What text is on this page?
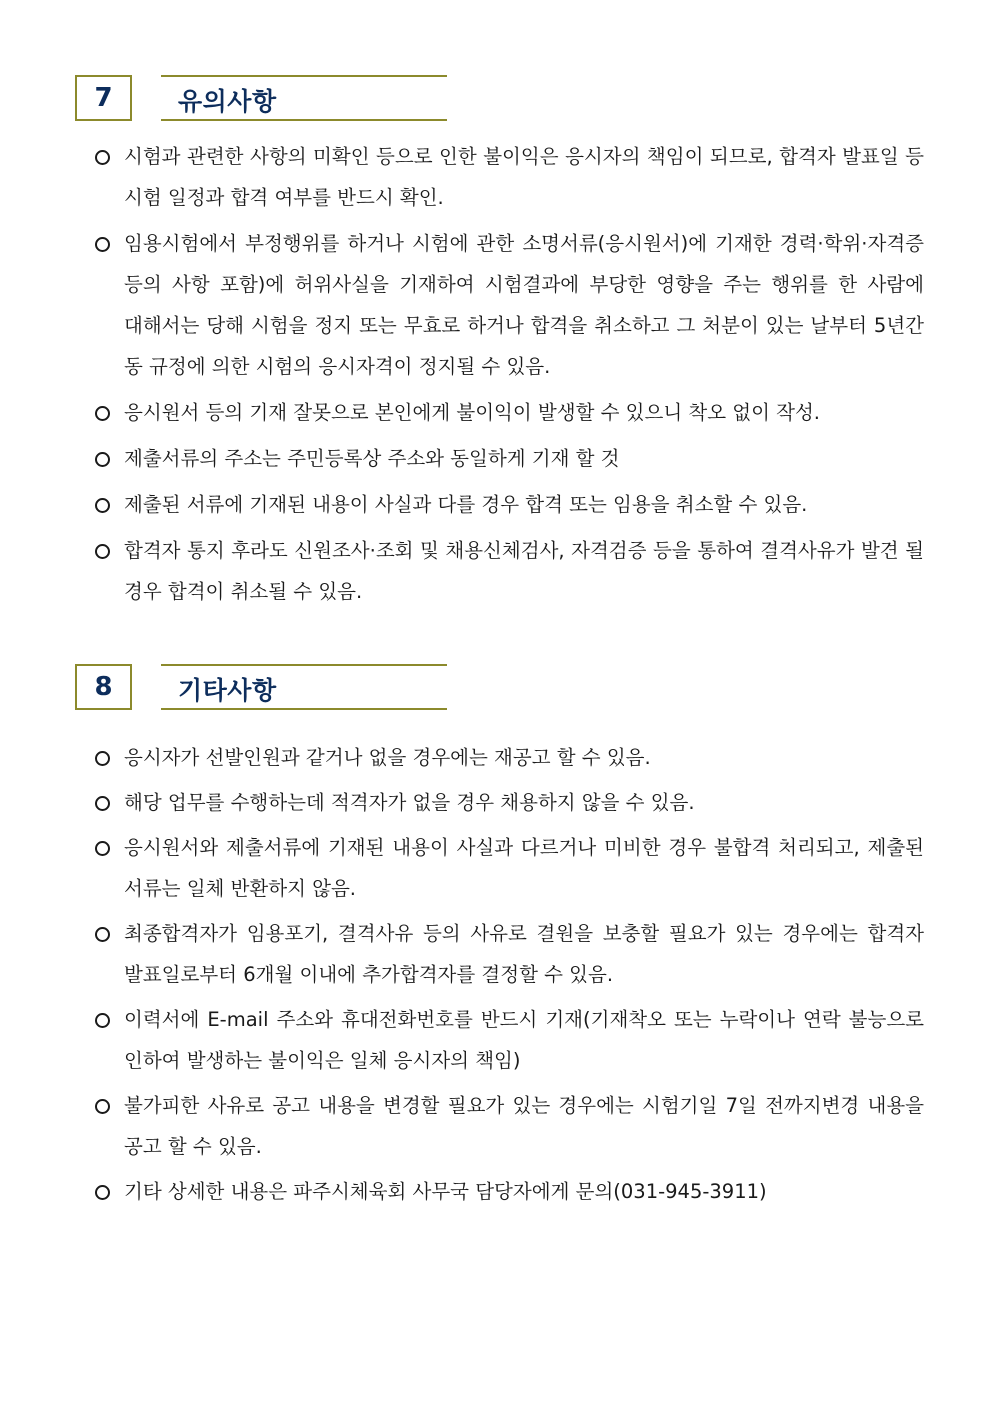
7	유의사항
시험과 관련한 사항의 미확인 등으로 인한 불이익은 응시자의 책임이 되므로, 합격자 발표일 등 시험 일정과 합격 여부를 반드시 확인.
임용시험에서 부정행위를 하거나 시험에 관한 소명서류(응시원서)에 기재한 경력·학위·자격증 등의 사항 포함)에 허위사실을 기재하여 시험결과에 부당한 영향을 주는 행위를 한 사람에 대해서는 당해 시험을 정지 또는 무효로 하거나 합격을 취소하고 그 처분이 있는 날부터 5년간 동 규정에 의한 시험의 응시자격이 정지될 수 있음.
응시원서 등의 기재 잘못으로 본인에게 불이익이 발생할 수 있으니 착오 없이 작성.
제출서류의 주소는 주민등록상 주소와 동일하게 기재 할 것
제출된 서류에 기재된 내용이 사실과 다를 경우 합격 또는 임용을 취소할 수 있음.
합격자 통지 후라도 신원조사·조회 및 채용신체검사, 자격검증 등을 통하여 결격사유가 발견 될 경우 합격이 취소될 수 있음.
8	기타사항
응시자가 선발인원과 같거나 없을 경우에는 재공고 할 수 있음.
해당 업무를 수행하는데 적격자가 없을 경우 채용하지 않을 수 있음.
응시원서와 제출서류에 기재된 내용이 사실과 다르거나 미비한 경우 불합격 처리되고, 제출된 서류는 일체 반환하지 않음.
최종합격자가 임용포기, 결격사유 등의 사유로 결원을 보충할 필요가 있는 경우에는 합격자 발표일로부터 6개월 이내에 추가합격자를 결정할 수 있음.
이력서에 E-mail 주소와 휴대전화번호를 반드시 기재(기재착오 또는 누락이나 연락 불능으로 인하여 발생하는 불이익은 일체 응시자의 책임)
불가피한 사유로 공고 내용을 변경할 필요가 있는 경우에는 시험기일 7일 전까지변경 내용을 공고 할 수 있음.
기타 상세한 내용은 파주시체육회 사무국 담당자에게 문의(031-945-3911)
